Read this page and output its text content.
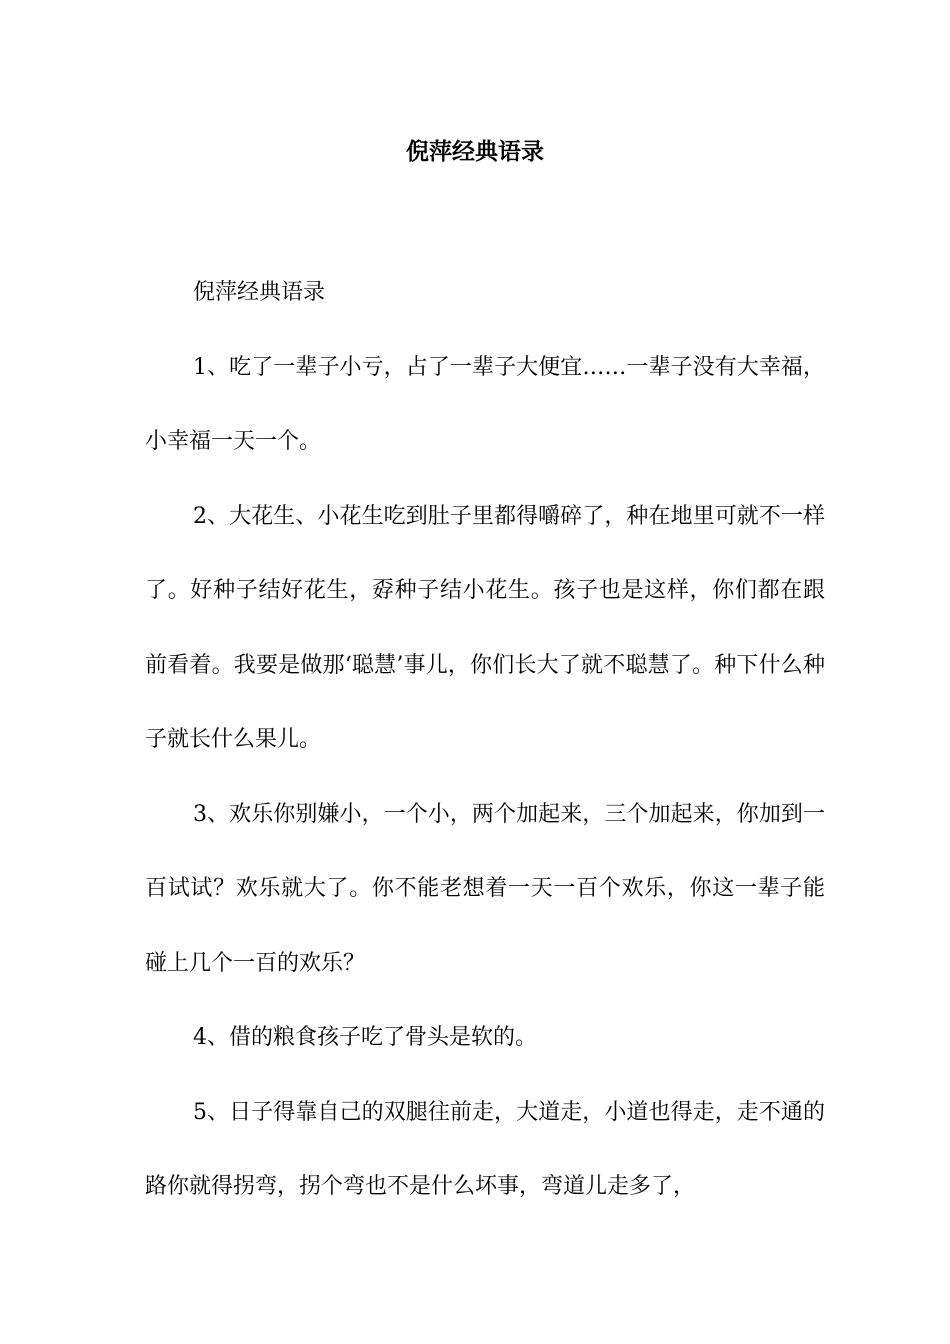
倪萍经典语录

倪萍经典语录

1、吃了一辈子小亏，占了一辈子大便宜……一辈子没有大幸福，小幸福一天一个。

2、大花生、小花生吃到肚子里都得嚼碎了，种在地里可就不一样了。好种子结好花生，孬种子结小花生。孩子也是这样，你们都在跟前看着。我要是做那‘聪慧’事儿，你们长大了就不聪慧了。种下什么种子就长什么果儿。

3、欢乐你别嫌小，一个小，两个加起来，三个加起来，你加到一百试试？欢乐就大了。你不能老想着一天一百个欢乐，你这一辈子能碰上几个一百的欢乐？

4、借的粮食孩子吃了骨头是软的。

5、日子得靠自己的双腿往前走，大道走，小道也得走，走不通的路你就得拐弯，拐个弯也不是什么坏事，弯道儿走多了，
